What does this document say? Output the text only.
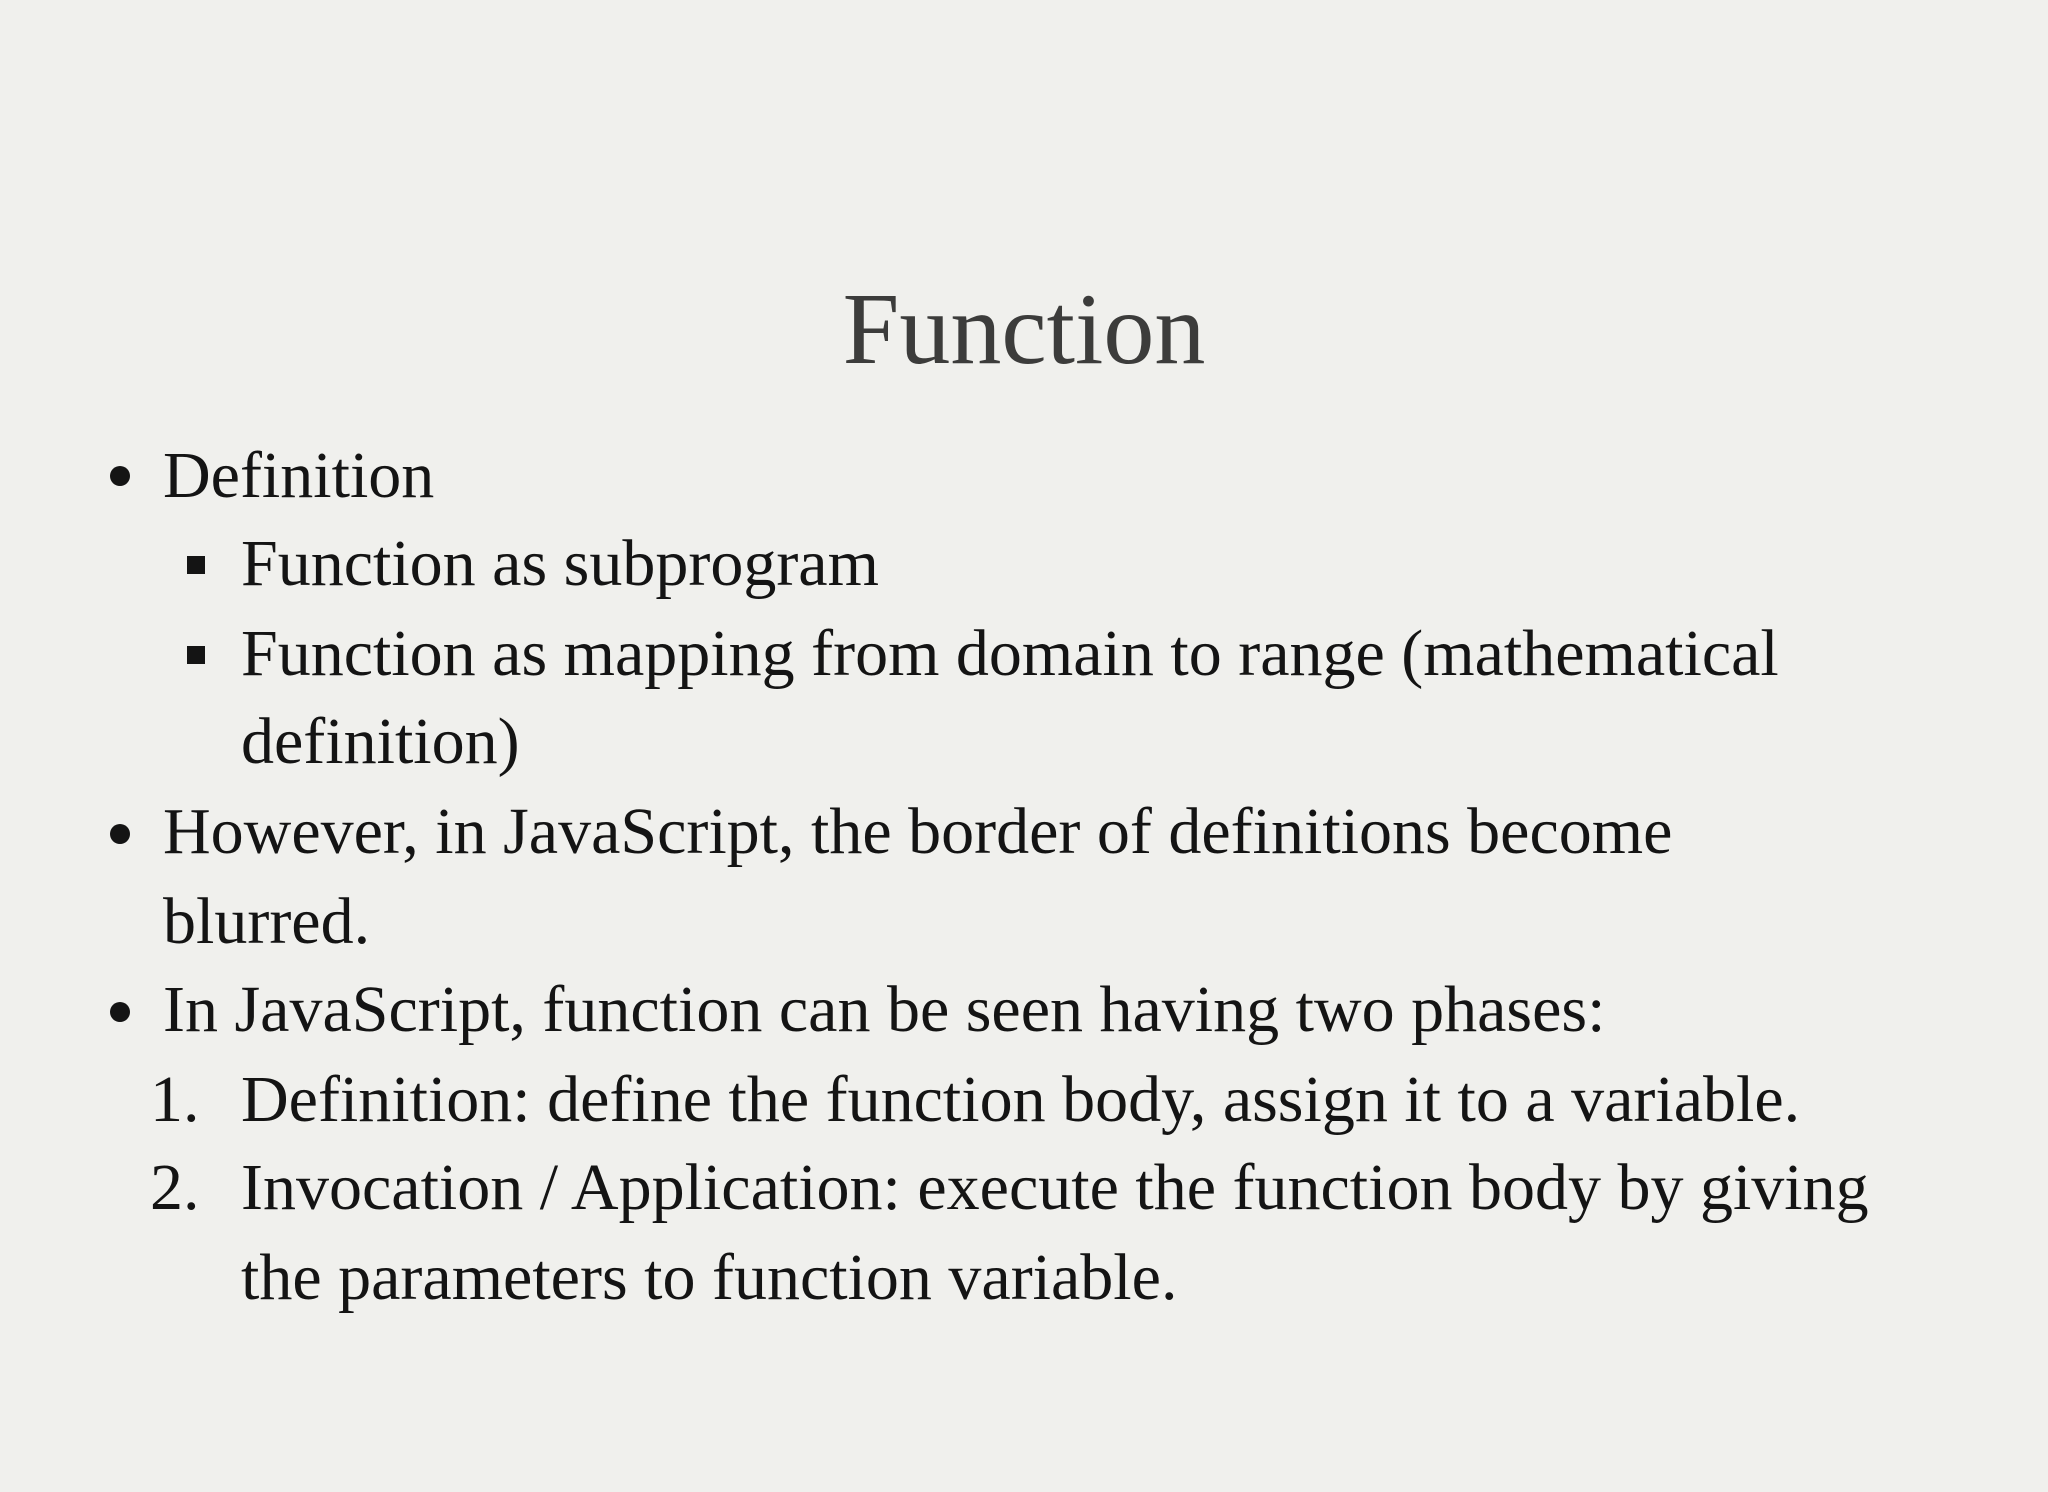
Function
Definition
Function as subprogram
Function as mapping from domain to range (mathematical
definition)
However, in JavaScript, the border of definitions become
blurred.
In JavaScript, function can be seen having two phases:
1. Definition: define the function body, assign it to a variable.
2. Invocation / Application: execute the function body by giving
the parameters to function variable.
